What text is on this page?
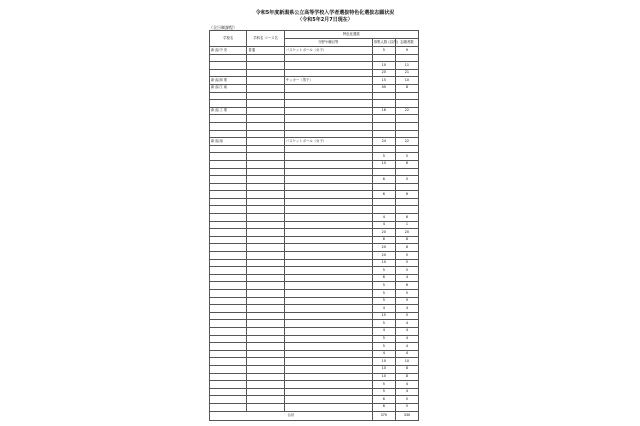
令和5年度新潟県公立高等学校入学者選抜特色化選抜志願状況
（令和5年2月7日現在）
（全日制課程）
学校名	学科名 コース名	特色化選抜		
		分野や種目等	募集人数 (以内)	志願者数
新潟中央	普通	バスケットボール（女子）	5	9

			10	11
			20	21
新潟商業		サッカー（男子）	15	10
新潟江南			40	8

新潟工業			16	22

新潟南		バスケットボール（女子）	24	22

			5	5
			10	6

			6	5

			6	6

			4	6
			4	1
			20	20
			8	8
			20	8
			20	5
			10	5
			5	5
			6	4
			5	6
			5	5
			5	9
			4	4
			15	5
			5	4
			4	4
			5	4
			5	4
			4	4
			10	10
			10	8
			10	8
			5	4
			5	4
			6	5
			6	5
合計			370	330
